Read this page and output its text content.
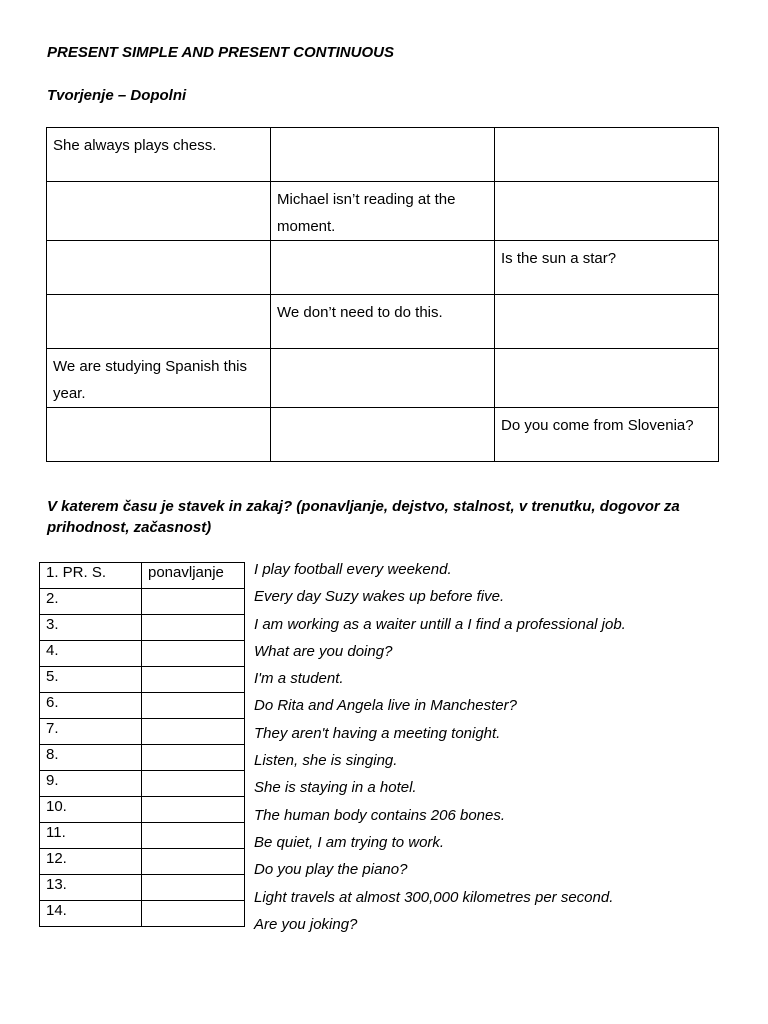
PRESENT SIMPLE AND PRESENT CONTINUOUS
Tvorjenje – Dopolni
She always plays chess.		
	Michael isn’t reading at the moment.	
		Is the sun a star?
	We don’t need to do this.	
We are studying Spanish this year.		
		Do you come from Slovenia?

V katerem času je stavek in zakaj? (ponavljanje, dejstvo, stalnost, v trenutku, dogovor za prihodnost, začasnost)

1. PR. S.	ponavljanje
2.	
3.	
4.	
5.	
6.	
7.	
8.	
9.	
10.	
11.	
12.	
13.	
14.	
I play football every weekend.
Every day Suzy wakes up before five.
I am working as a waiter untill a I find a professional job.
What are you doing?
I'm a student.
Do Rita and Angela live in Manchester?
They aren't having a meeting tonight.
Listen, she is singing.
She is staying in a hotel.
The human body contains 206 bones.
Be quiet, I am trying to work.
Do you play the piano?
Light travels at almost 300,000 kilometres per second.
Are you joking?
